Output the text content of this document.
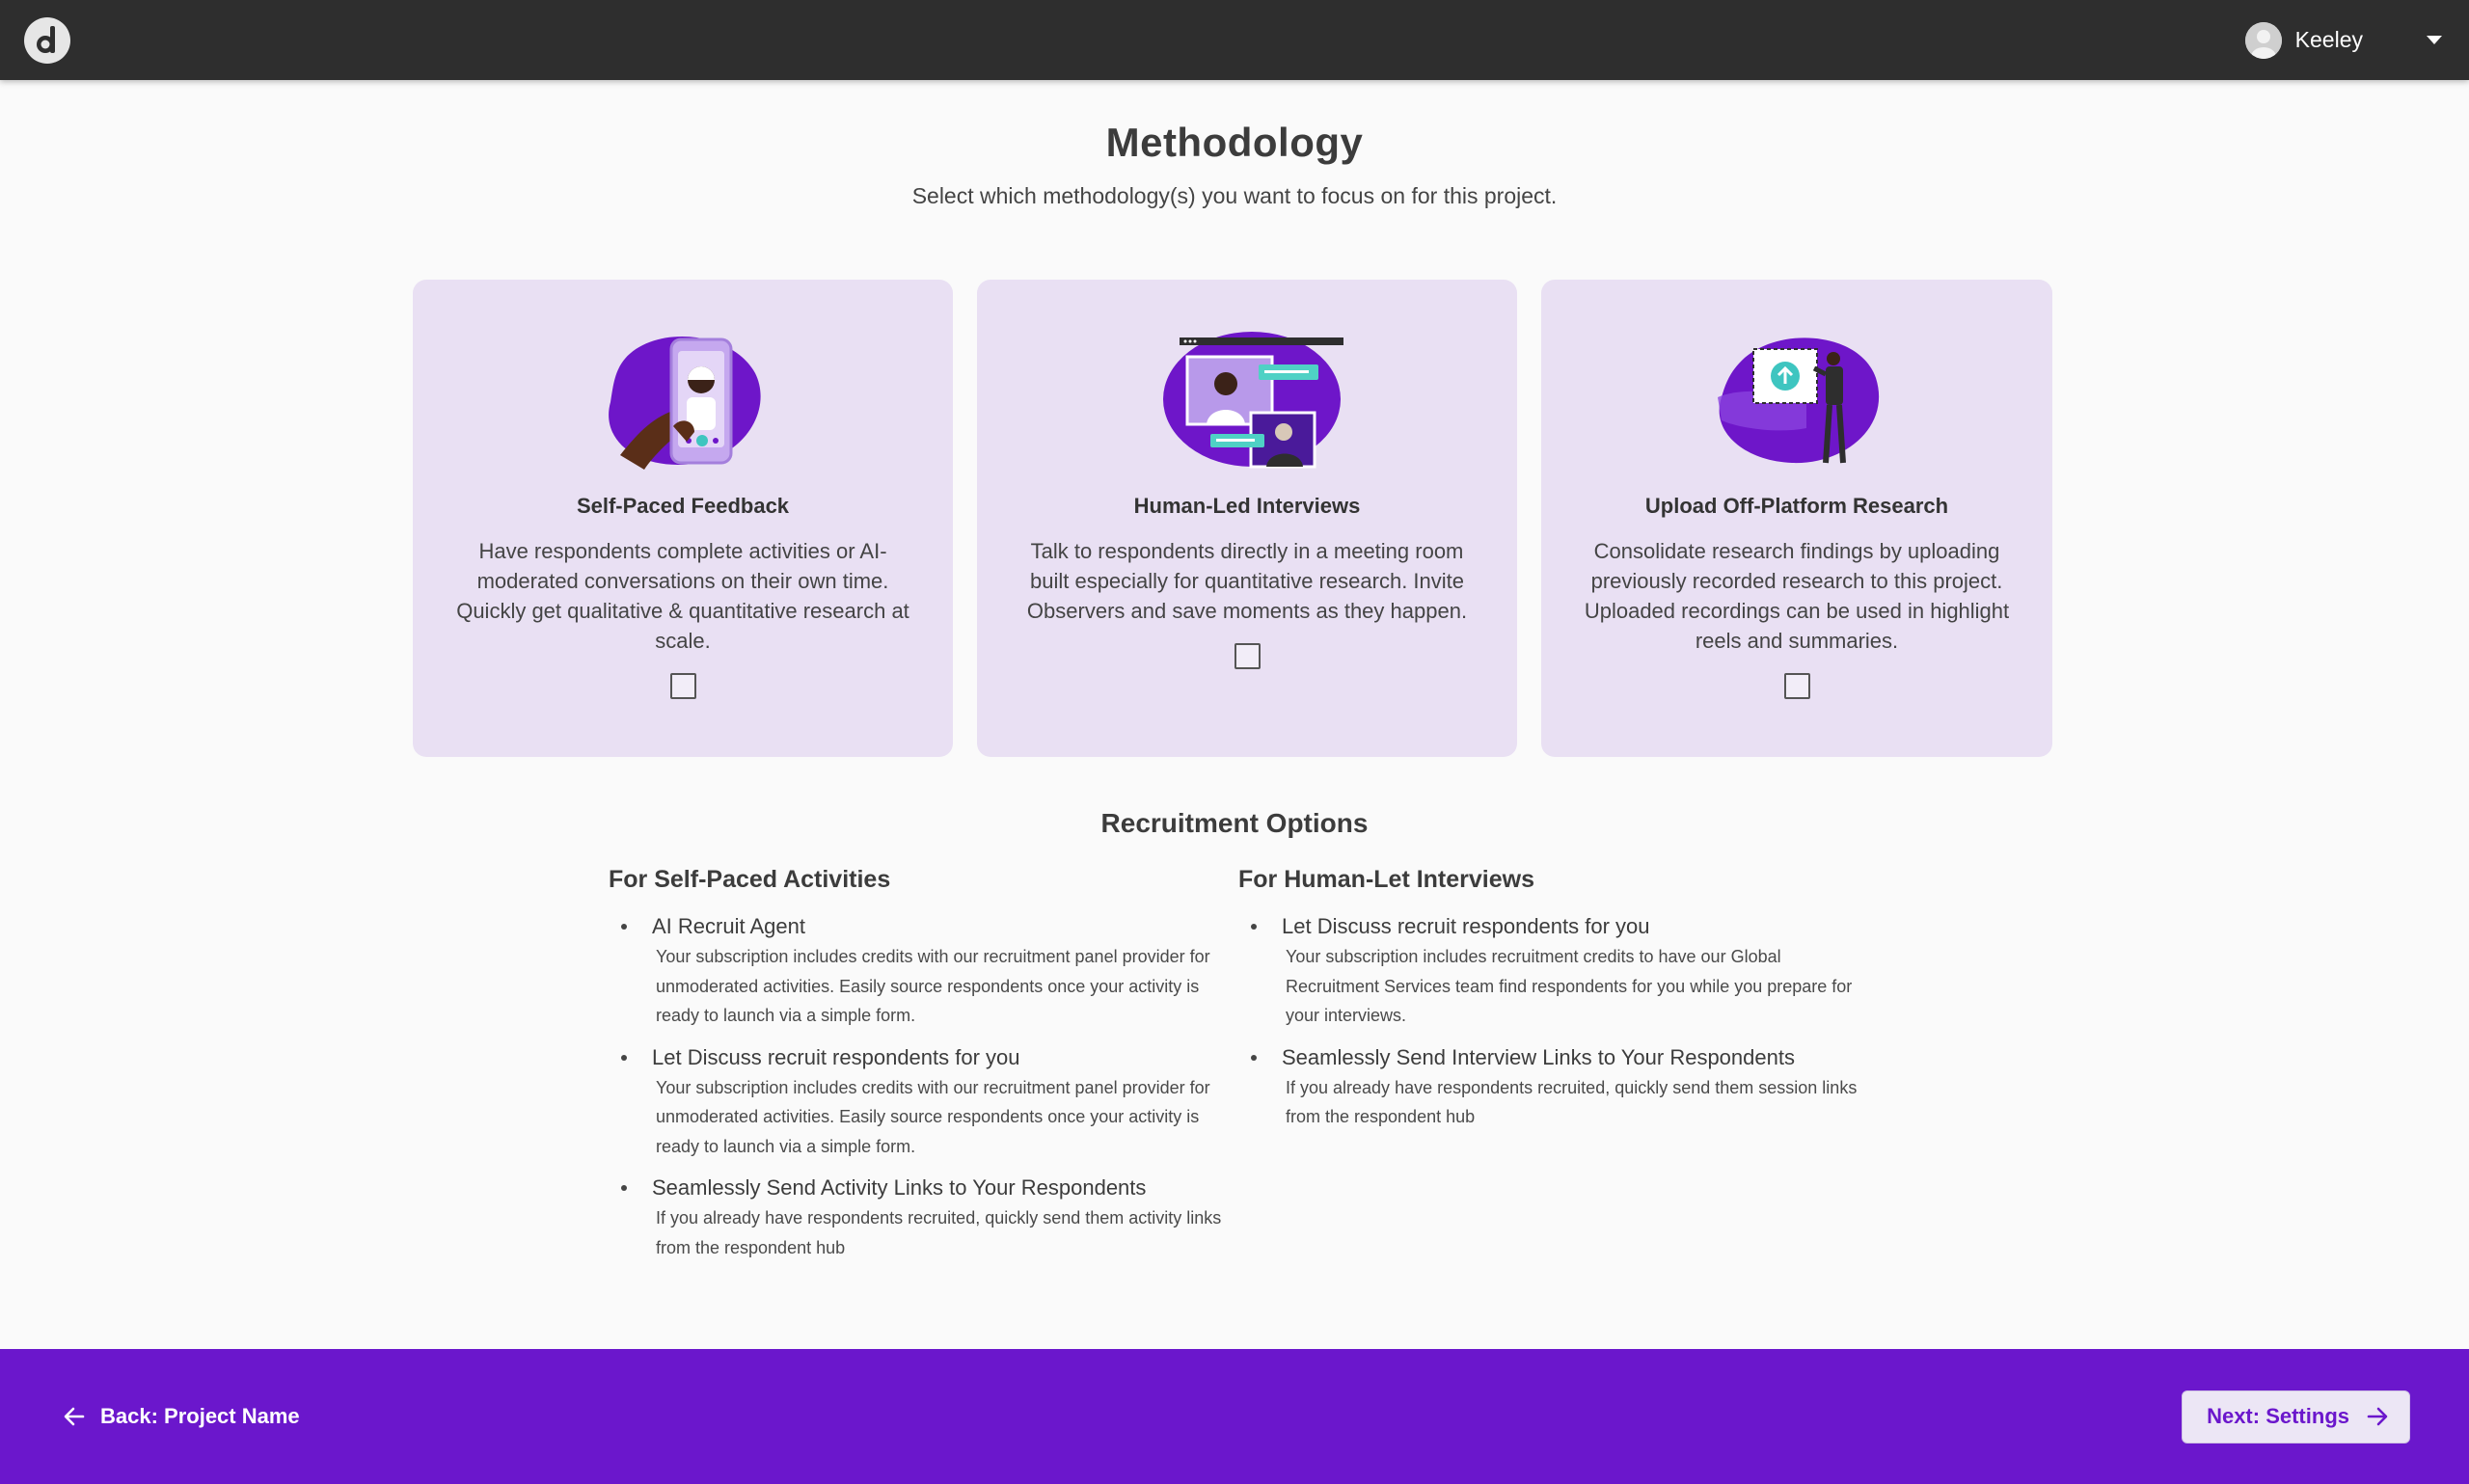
Keeley
Methodology

Select which methodology(s) you want to focus on for this project.

Self-Paced Feedback
Have respondents complete activities or AI-moderated conversations on their own time. Quickly get qualitative & quantitative research at scale.
Human-Led Interviews
Talk to respondents directly in a meeting room built especially for quantitative research. Invite Observers and save moments as they happen.
Upload Off-Platform Research
Consolidate research findings by uploading previously recorded research to this project. Uploaded recordings can be used in highlight reels and summaries.
Recruitment Options
For Self-Paced Activities
AI Recruit Agent
Your subscription includes credits with our recruitment panel provider for unmoderated activities. Easily source respondents once your activity is ready to launch via a simple form.
Let Discuss recruit respondents for you
Your subscription includes credits with our recruitment panel provider for unmoderated activities. Easily source respondents once your activity is ready to launch via a simple form.
Seamlessly Send Activity Links to Your Respondents
If you already have respondents recruited, quickly send them activity links from the respondent hub
For Human-Let Interviews
Let Discuss recruit respondents for you
Your subscription includes recruitment credits to have our Global Recruitment Services team find respondents for you while you prepare for your interviews.
Seamlessly Send Interview Links to Your Respondents
If you already have respondents recruited, quickly send them session links from the respondent hub
Back: Project Name	Next: Settings
